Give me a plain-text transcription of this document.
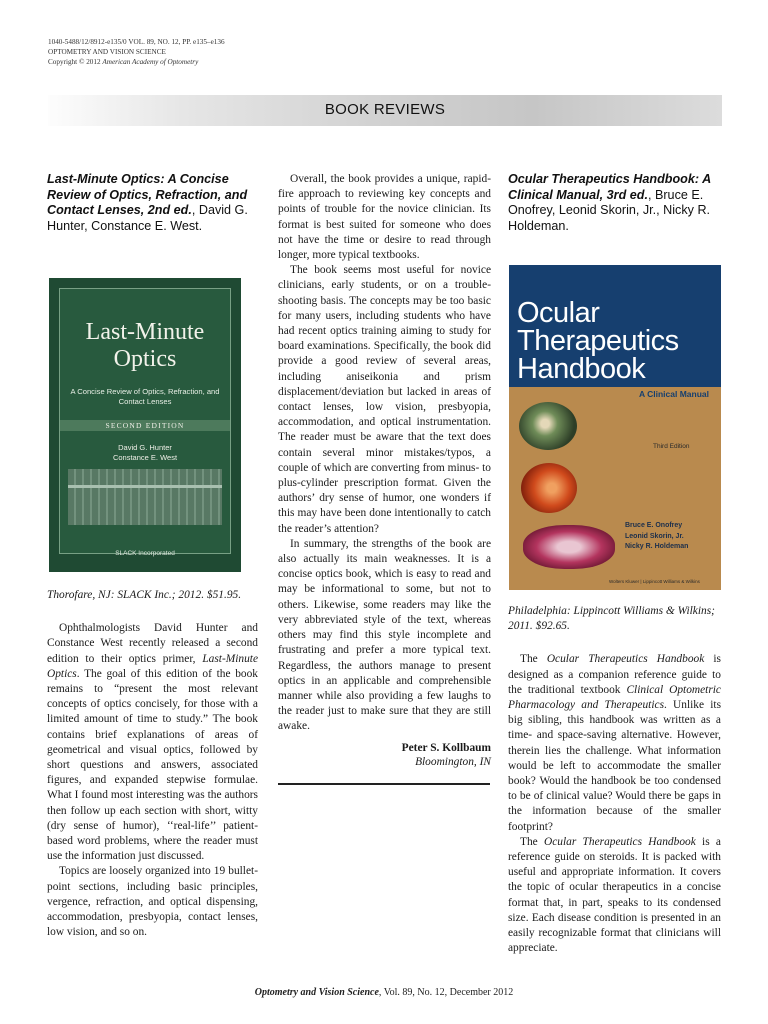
1040-5488/12/8912-e135/0 VOL. 89, NO. 12, PP. e135–e136
OPTOMETRY AND VISION SCIENCE
Copyright © 2012 American Academy of Optometry
BOOK REVIEWS
Last-Minute Optics: A Concise Review of Optics, Refraction, and Contact Lenses, 2nd ed., David G. Hunter, Constance E. West.
Last-Minute Optics
A Concise Review of Optics, Refraction, and Contact Lenses
SECOND EDITION
David G. Hunter
Constance E. West
SLACK Incorporated
Thorofare, NJ: SLACK Inc.; 2012. $51.95.

Ophthalmologists David Hunter and Constance West recently released a second edition to their optics primer, Last-Minute Optics. The goal of this edition of the book remains to “present the most relevant concepts of optics concisely, for those with a limited amount of time to study.” The book contains brief explanations of areas of geometrical and visual optics, followed by short questions and answers, associated figures, and expanded stepwise formulae. What I found most interesting was the authors then follow up each section with short, witty (dry sense of humor), ‘‘real-life’’ patient-based word problems, where the reader must use the information just discussed.

Topics are loosely organized into 19 bullet-point sections, including basic principles, vergence, refraction, and optical dispensing, accommodation, presbyopia, contact lenses, low vision, and so on.

Overall, the book provides a unique, rapid-fire approach to reviewing key concepts and points of trouble for the novice clinician. Its format is best suited for someone who does not have the time or desire to read through longer, more typical textbooks.

The book seems most useful for novice clinicians, early students, or on a trouble-shooting basis. The concepts may be too basic for many users, including students who have had recent optics training aiming to study for board examinations. Specifically, the book did provide a good review of several areas, including aniseikonia and prism displacement/deviation but lacked in areas of contact lenses, low vision, presbyopia, accommodation, and optical instrumentation. The reader must be aware that the text does contain several minor mistakes/typos, a couple of which are converting from minus- to plus-cylinder prescription format. Given the authors’ dry sense of humor, one wonders if this may have been done intentionally to catch the reader’s attention?

In summary, the strengths of the book are also actually its main weaknesses. It is a concise optics book, which is easy to read and may be informational to some, but not to others. Likewise, some readers may like the very abbreviated style of the text, whereas others may find this style incomplete and frustrating and prefer a more typical text. Regardless, the authors manage to present optics in an applicable and comprehensible manner while also providing a few laughs to the reader just to make sure that they are still awake.

Peter S. Kollbaum
Bloomington, IN
Ocular Therapeutics Handbook: A Clinical Manual, 3rd ed., Bruce E. Onofrey, Leonid Skorin, Jr., Nicky R. Holdeman.
Ocular
Therapeutics
Handbook
A Clinical Manual
Third Edition
Bruce E. Onofrey
Leonid Skorin, Jr.
Nicky R. Holdeman
Wolters Kluwer | Lippincott Williams & Wilkins
Philadelphia: Lippincott Williams & Wilkins; 2011. $92.65.

The Ocular Therapeutics Handbook is designed as a companion reference guide to the traditional textbook Clinical Optometric Pharmacology and Therapeutics. Unlike its big sibling, this handbook was written as a time- and space-saving alternative. However, therein lies the challenge. What information would be left to accommodate the smaller book? Would the handbook be too condensed to be of clinical value? Would there be gaps in the information because of the smaller footprint?

The Ocular Therapeutics Handbook is a reference guide on steroids. It is packed with useful and appropriate information. It covers the topic of ocular therapeutics in a concise format that, in part, speaks to its condensed size. Each disease condition is presented in an easily recognizable format that clinicians will appreciate.

Optometry and Vision Science, Vol. 89, No. 12, December 2012
